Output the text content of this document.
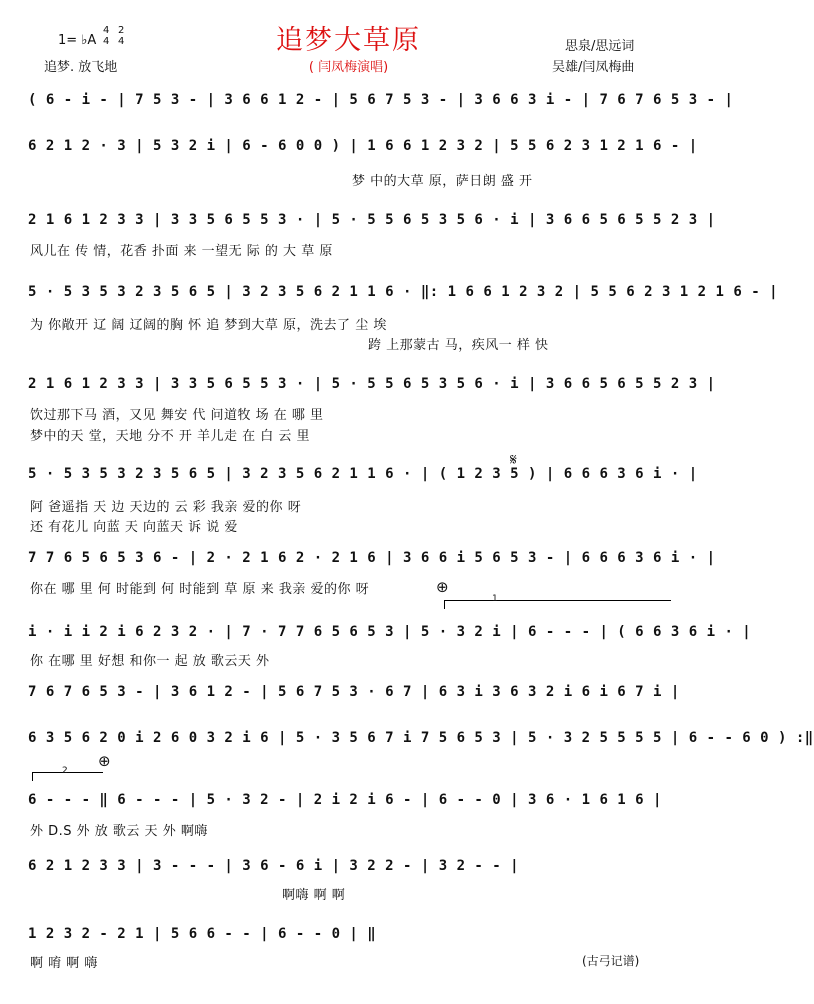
追梦大草原
( 闫凤梅演唱)
1= ♭A
4
4
2
4
追梦. 放飞地
思泉/思远词
吴雄/闫凤梅曲
( 6 - i - | 7 5 3 - | 3 6 6 1 2 - | 5 6 7 5 3 - | 3 6 6 3 i - | 7 6 7 6 5 3 - |
6 2 1 2 · 3 | 5 3 2 i | 6 - 6 0 0 ) | 1 6 6 1 2 3 2 | 5 5 6 2 3 1 2 1 6 - |
梦 中的大草 原，萨日朗 盛 开
2 1 6 1 2 3 3 | 3 3 5 6 5 5 3 · | 5 · 5 5 6 5 3 5 6 · i | 3 6 6 5 6 5 5 2 3 |
风儿在 传 情，花香 扑面 来 一望无 际 的 大 草 原
5 · 5 3 5 3 2 3 5 6 5 | 3 2 3 5 6 2 1 1 6 · ‖: 1 6 6 1 2 3 2 | 5 5 6 2 3 1 2 1 6 - |
为 你敞开 辽 阔 辽阔的胸 怀 追 梦到大草 原，洗去了 尘 埃
跨 上那蒙古 马，疾风一 样 快
2 1 6 1 2 3 3 | 3 3 5 6 5 5 3 · | 5 · 5 5 6 5 3 5 6 · i | 3 6 6 5 6 5 5 2 3 |
饮过那下马 酒，又见 舞安 代 问道牧 场 在 哪 里
梦中的天 堂，天地 分不 开 羊儿走 在 白 云 里
5 · 5 3 5 3 2 3 5 6 5 | 3 2 3 5 6 2 1 1 6 · | ( 1 2 3 5 ) | 6 6 6 3 6 i · |
阿 爸遥指 天 边 天边的 云 彩 我亲 爱的你 呀
还 有花儿 向蓝 天 向蓝天 诉 说 爱
𝄋
7 7 6 5 6 5 3 6 - | 2 · 2 1 6 2 · 2 1 6 | 3 6 6 i 5 6 5 3 - | 6 6 6 3 6 i · |
你在 哪 里 何 时能到 何 时能到 草 原 来 我亲 爱的你 呀	⊕
1
i · i i 2 i 6 2 3 2 · | 7 · 7 7 6 5 6 5 3 | 5 · 3 2 i | 6 - - - | ( 6 6 3 6 i · |
你 在哪 里 好想 和你一 起 放 歌云天 外
7 6 7 6 5 3 - | 3 6 1 2 - | 5 6 7 5 3 · 6 7 | 6 3 i 3 6 3 2 i 6 i 6 7 i |
6 3 5 6 2 0 i 2 6 0 3 2 i 6 | 5 · 3 5 6 7 i 7 5 6 5 3 | 5 · 3 2 5 5 5 5 | 6 - - 6 0 ) :‖
2
⊕
6 - - - ‖ 6 - - - | 5 · 3 2 - | 2 i 2 i 6 - | 6 - - 0 | 3 6 · 1 6 1 6 |
外 D.S 外 放 歌云 天 外 啊嗨
6 2 1 2 3 3 | 3 - - - | 3 6 - 6 i | 3 2 2 - | 3 2 - - |
啊嗨 啊 啊
1 2 3 2 - 2 1 | 5 6 6 - - | 6 - - 0 | ‖
啊 唷 啊 嗨	(古弓记谱)
